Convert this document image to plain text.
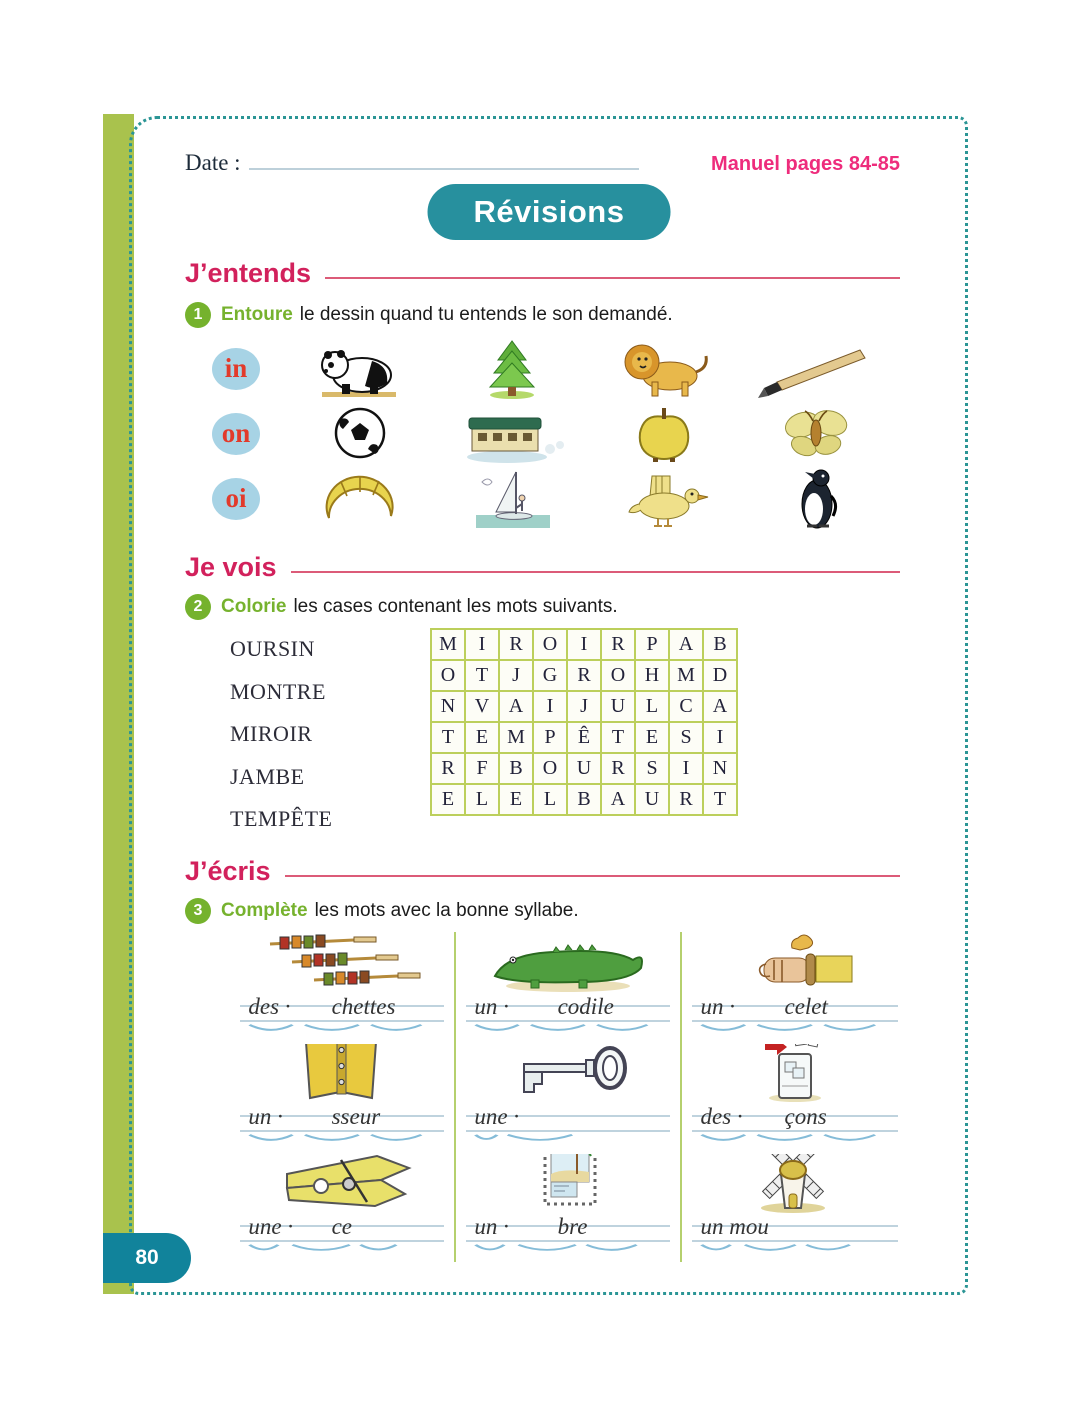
Date :	Manuel pages 84-85
Révisions
J’entends
1 Entoure le dessin quand tu entends le son demandé.
in
on
oi
Je vois
2 Colorie les cases contenant les mots suivants.
OURSIN
MONTRE
MIROIR
JAMBE
TEMPÊTE
M	I	R	O	I	R	P	A	B
O	T	J	G	R	O	H	M	D
N	V	A	I	J	U	L	C	A
T	E	M	P	Ê	T	E	S	I
R	F	B	O	U	R	S	I	N
E	L	E	L	B	A	U	R	T
J’écris
3 Complète les mots avec la bonne syllabe.
des · chettes	un · codile	un · celet
un · sseur	une ·	des · çons
une · ce	un · bre	un mou
80
